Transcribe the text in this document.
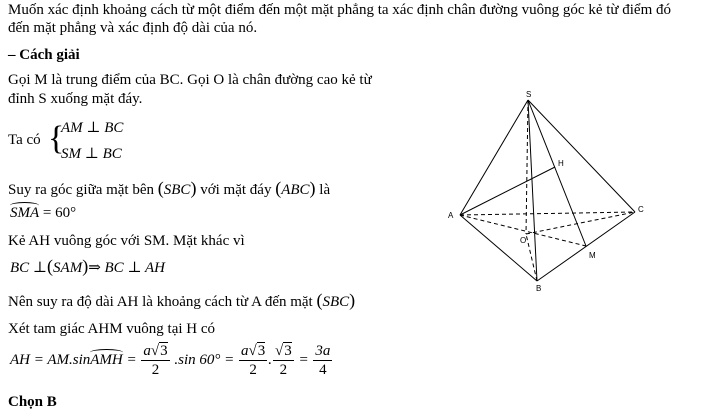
Muốn xác định khoảng cách từ một điểm đến một mặt phẳng ta xác định chân đường vuông góc kẻ từ điểm đó
đến mặt phẳng và xác định độ dài của nó.
– Cách giải
Gọi M là trung điểm của BC. Gọi O là chân đường cao kẻ từ
đỉnh S xuống mặt đáy.
Ta có {
AM ⊥ BC
SM ⊥ BC
Suy ra góc giữa mặt bên (SBC) với mặt đáy (ABC) là
SMA = 60°
Kẻ AH vuông góc với SM. Mặt khác vì
BC ⊥(SAM)⇒ BC ⊥ AH
Nên suy ra độ dài AH là khoảng cách từ A đến mặt (SBC)
Xét tam giác AHM vuông tại H có
AH = AM.sinAMH = $\frac{a√3}{2} .\sin$ $60^\circ = \frac{a√3}{2}$ . $\frac{√3}{2} = \frac{3a}{4}$
Chọn B
S
H
A
C
O
M
B
